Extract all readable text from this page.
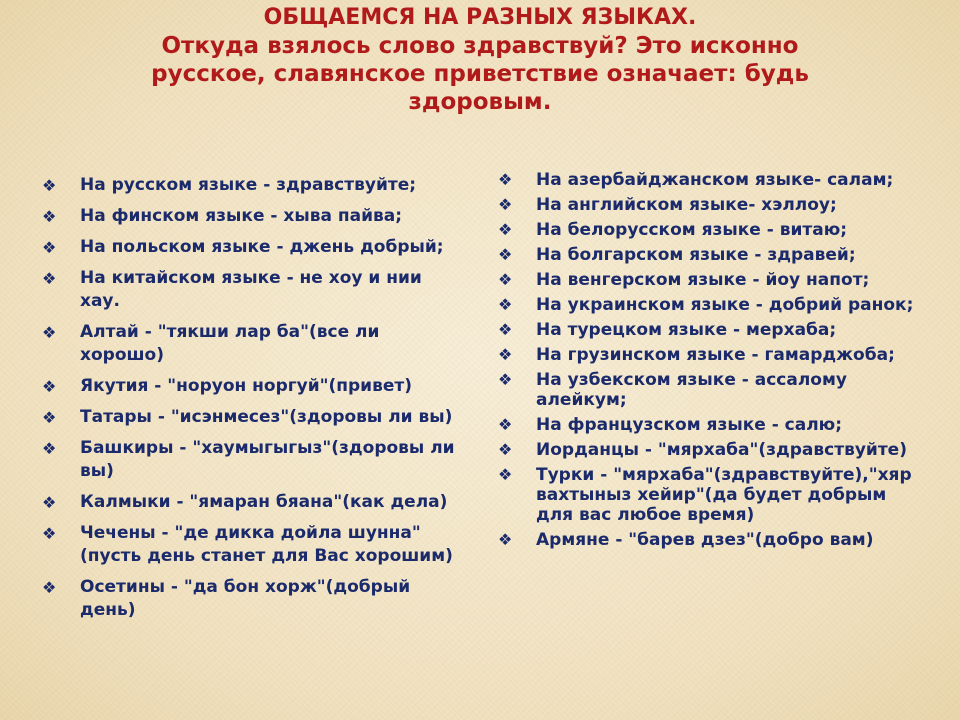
ОБЩАЕМСЯ НА РАЗНЫХ ЯЗЫКАХ.
Откуда взялось слово здравствуй? Это исконно
русское, славянское приветствие означает: будь
здоровым.
❖ На русском языке - здравствуйте;
❖ На финском языке - хыва пайва;
❖ На польском языке - джень добрый;
❖ На китайском языке - не хоу и нии хау.
❖ Алтай - "тякши лар ба"(все ли хорошо)
❖ Якутия - "норуон норгуй"(привет)
❖ Татары - "исэнмесез"(здоровы ли вы)
❖ Башкиры - "хаумыгыгыз"(здоровы ли вы)
❖ Калмыки - "ямаран бяана"(как дела)
❖ Чечены - "де дикка дойла шунна"(пусть день станет для Вас хорошим)
❖ Осетины - "да бон хорж"(добрый день)
❖ На азербайджанском языке- салам;
❖ На английском языке- хэллоу;
❖ На белорусском языке - витаю;
❖ На болгарском языке - здравей;
❖ На венгерском языке - йоу напот;
❖ На украинском языке - добрий ранок;
❖ На турецком языке - мерхаба;
❖ На грузинском языке - гамарджоба;
❖ На узбекском языке - ассалому алейкум;
❖ На французском языке - салю;
❖ Иорданцы - "мярхаба"(здравствуйте)
❖ Турки - "мярхаба"(здравствуйте),"хяр вахтыныз хейир"(да будет добрым для вас любое время)
❖ Армяне - "барев дзез"(добро вам)
